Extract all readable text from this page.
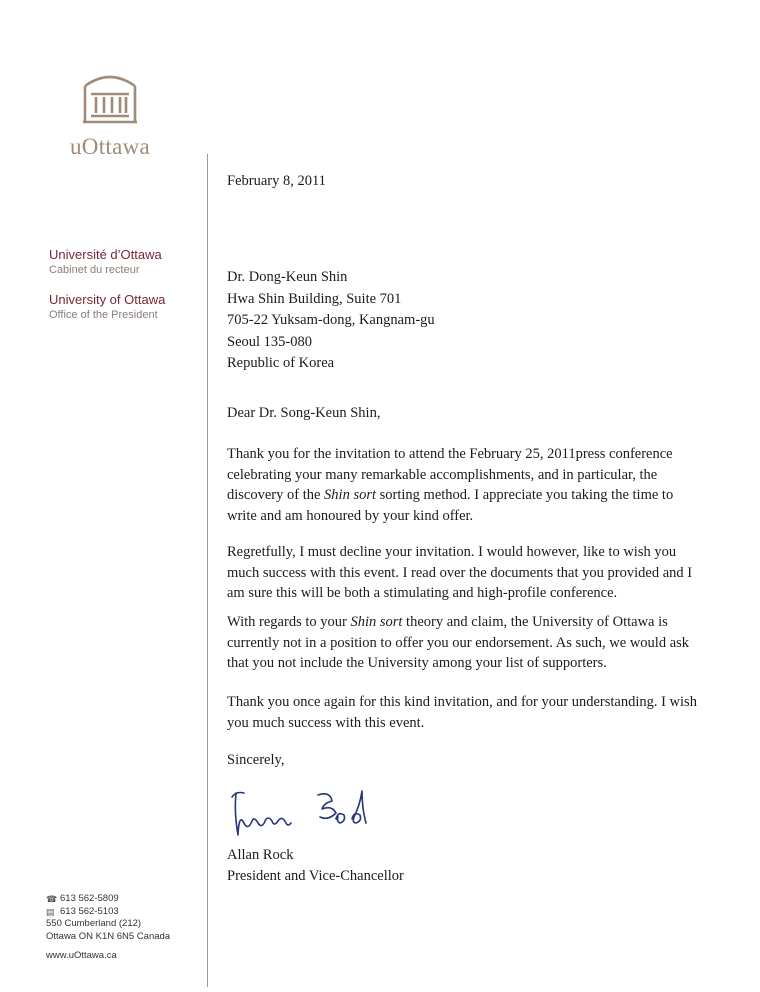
uOttawa
Université d’Ottawa
Cabinet du recteur
University of Ottawa
Office of the President
February 8, 2011
Dr. Dong-Keun Shin
Hwa Shin Building, Suite 701
705-22 Yuksam-dong, Kangnam-gu
Seoul 135-080
Republic of Korea
Dear Dr. Song-Keun Shin,
Thank you for the invitation to attend the February 25, 2011press conference celebrating your many remarkable accomplishments, and in particular, the discovery of the Shin sort sorting method. I appreciate you taking the time to write and am honoured by your kind offer.
Regretfully, I must decline your invitation. I would however, like to wish you much success with this event. I read over the documents that you provided and I am sure this will be both a stimulating and high-profile conference.
With regards to your Shin sort theory and claim, the University of Ottawa is currently not in a position to offer you our endorsement. As such, we would ask that you not include the University among your list of supporters.
Thank you once again for this kind invitation, and for your understanding. I wish you much success with this event.
Sincerely,
Allan Rock
President and Vice-Chancellor
☎ 613 562-5809
▤ 613 562-5103
550 Cumberland (212)
Ottawa ON K1N 6N5 Canada
www.uOttawa.ca
